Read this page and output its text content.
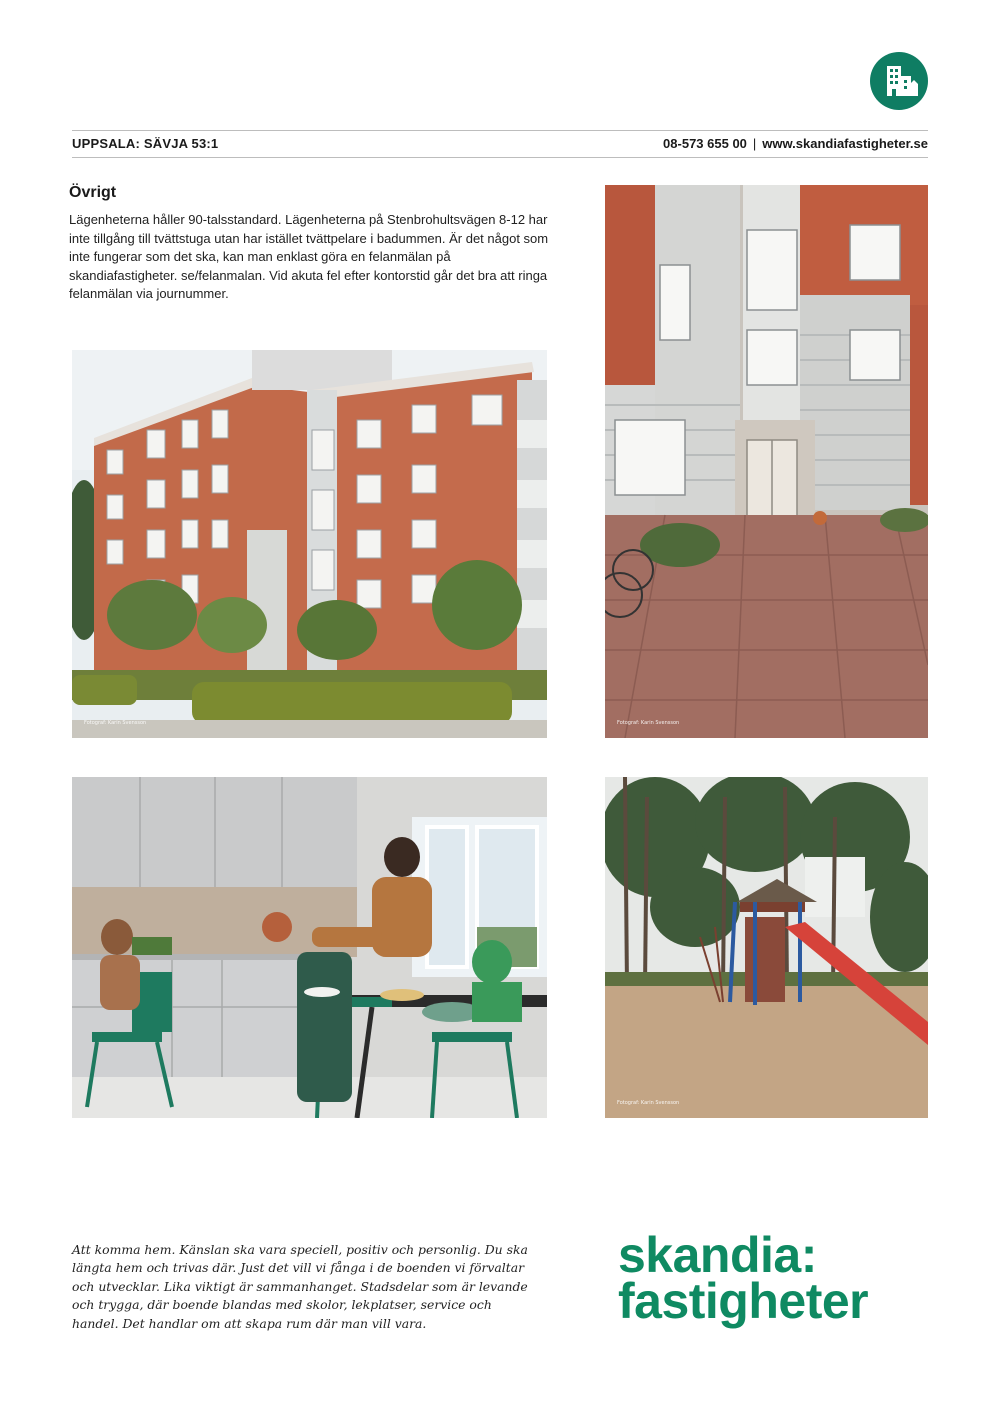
UPPSALA: SÄVJA 53:1	08-573 655 00 | www.skandiafastigheter.se
Övrigt
Lägenheterna håller 90-talsstandard. Lägenheterna på Stenbrohultsvägen 8-12 har inte tillgång till tvättstuga utan har istället tvättpelare i badummen. Är det något som inte fungerar som det ska, kan man enklast göra en felanmälan på skandiafastigheter. se/felanmalan. Vid akuta fel efter kontorstid går det bra att ringa felanmälan via journummer.
Fotograf: Karin Svensson	Fotograf: Karin Svensson
Fotograf: Karin Svensson
Att komma hem. Känslan ska vara speciell, positiv och personlig. Du ska längta hem och trivas där. Just det vill vi fånga i de boenden vi förvaltar och utvecklar. Lika viktigt är sammanhanget. Stadsdelar som är levande och trygga, där boende blandas med skolor, lekplatser, service och handel. Det handlar om att skapa rum där man vill vara.
skandia:
fastigheter
